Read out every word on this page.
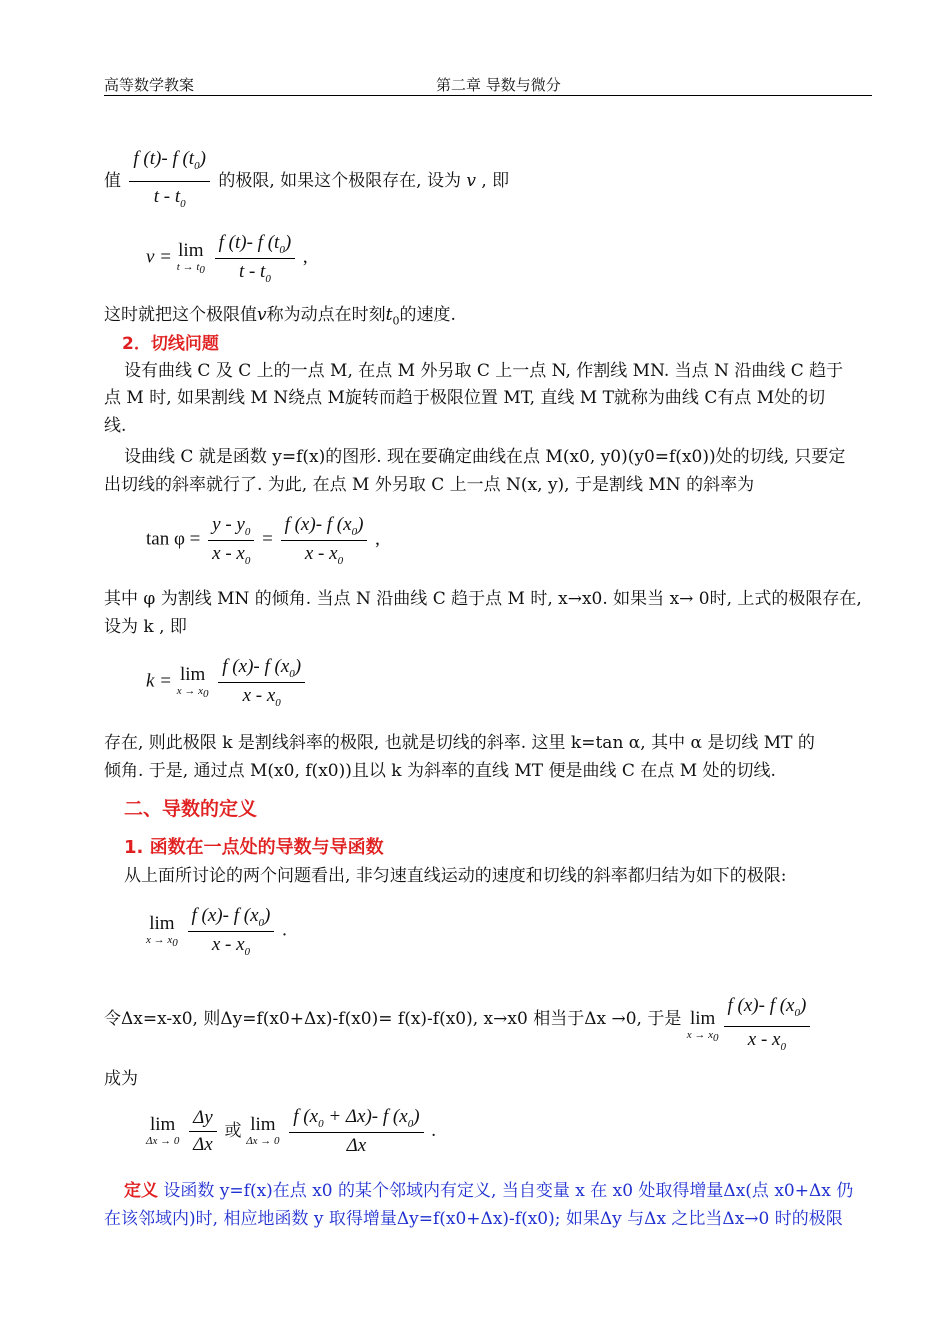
高等数学教案	第二章 导数与微分
值 $\frac{f (t)- f (t_0)}{t - t_0}$ 的极限, 如果这个极限存在, 设为 v , 即
v = lim
$t \to t_0$
$\frac{f (t)- f (t_0)}{t - t_0}$ ,
这时就把这个极限值v称为动点在时刻$t_0$的速度.
2．切线问题
设有曲线 C 及 C 上的一点 M, 在点 M 外另取 C 上一点 N, 作割线 MN. 当点 N 沿曲线 C 趋于
点 M 时, 如果割线 M N绕点 M旋转而趋于极限位置 MT, 直线 M T就称为曲线 C有点 M处的切
线.
设曲线 C 就是函数 y=f(x)的图形. 现在要确定曲线在点 M(x0, y0)(y0=f(x0))处的切线, 只要定
出切线的斜率就行了. 为此, 在点 M 外另取 C 上一点 N(x, y), 于是割线 MN 的斜率为
$\tan \varphi = \frac{y - y_0}{x - x_0} = \frac{f (x)- f (x_0)}{x - x_0}$ ,
其中 φ 为割线 MN 的倾角. 当点 N 沿曲线 C 趋于点 M 时, x→x0. 如果当 x→ 0时, 上式的极限存在,
设为 k , 即
k = lim
$x \to x_0$
$\frac{f (x)- f (x_0)}{x - x_0}$
存在, 则此极限 k 是割线斜率的极限, 也就是切线的斜率. 这里 k=tan α, 其中 α 是切线 MT 的
倾角. 于是, 通过点 M(x0, f(x0))且以 k 为斜率的直线 MT 便是曲线 C 在点 M 处的切线.
二、导数的定义
1. 函数在一点处的导数与导函数
从上面所讨论的两个问题看出, 非匀速直线运动的速度和切线的斜率都归结为如下的极限:
lim
$x \to x_0$
$\frac{f (x)- f (x_0)}{x - x_0}$ .
令Δx=x-x0, 则Δy=f(x0+Δx)-f(x0)= f(x)-f(x0), x→x0 相当于Δx →0, 于是 lim
$x \to x_0 \frac{f (x)- f (x_0)}{x - x_0}$
成为
lim
Δx → 0
$\frac{\Delta y}{\Delta x}$ 或 lim
Δx → 0
$\frac{f (x_0 + \Delta x)- f (x_0)}{\Delta x}$ .
定义 设函数 y=f(x)在点 x0 的某个邻域内有定义, 当自变量 x 在 x0 处取得增量Δx(点 x0+Δx 仍
在该邻域内)时, 相应地函数 y 取得增量Δy=f(x0+Δx)-f(x0); 如果Δy 与Δx 之比当Δx→0 时的极限
